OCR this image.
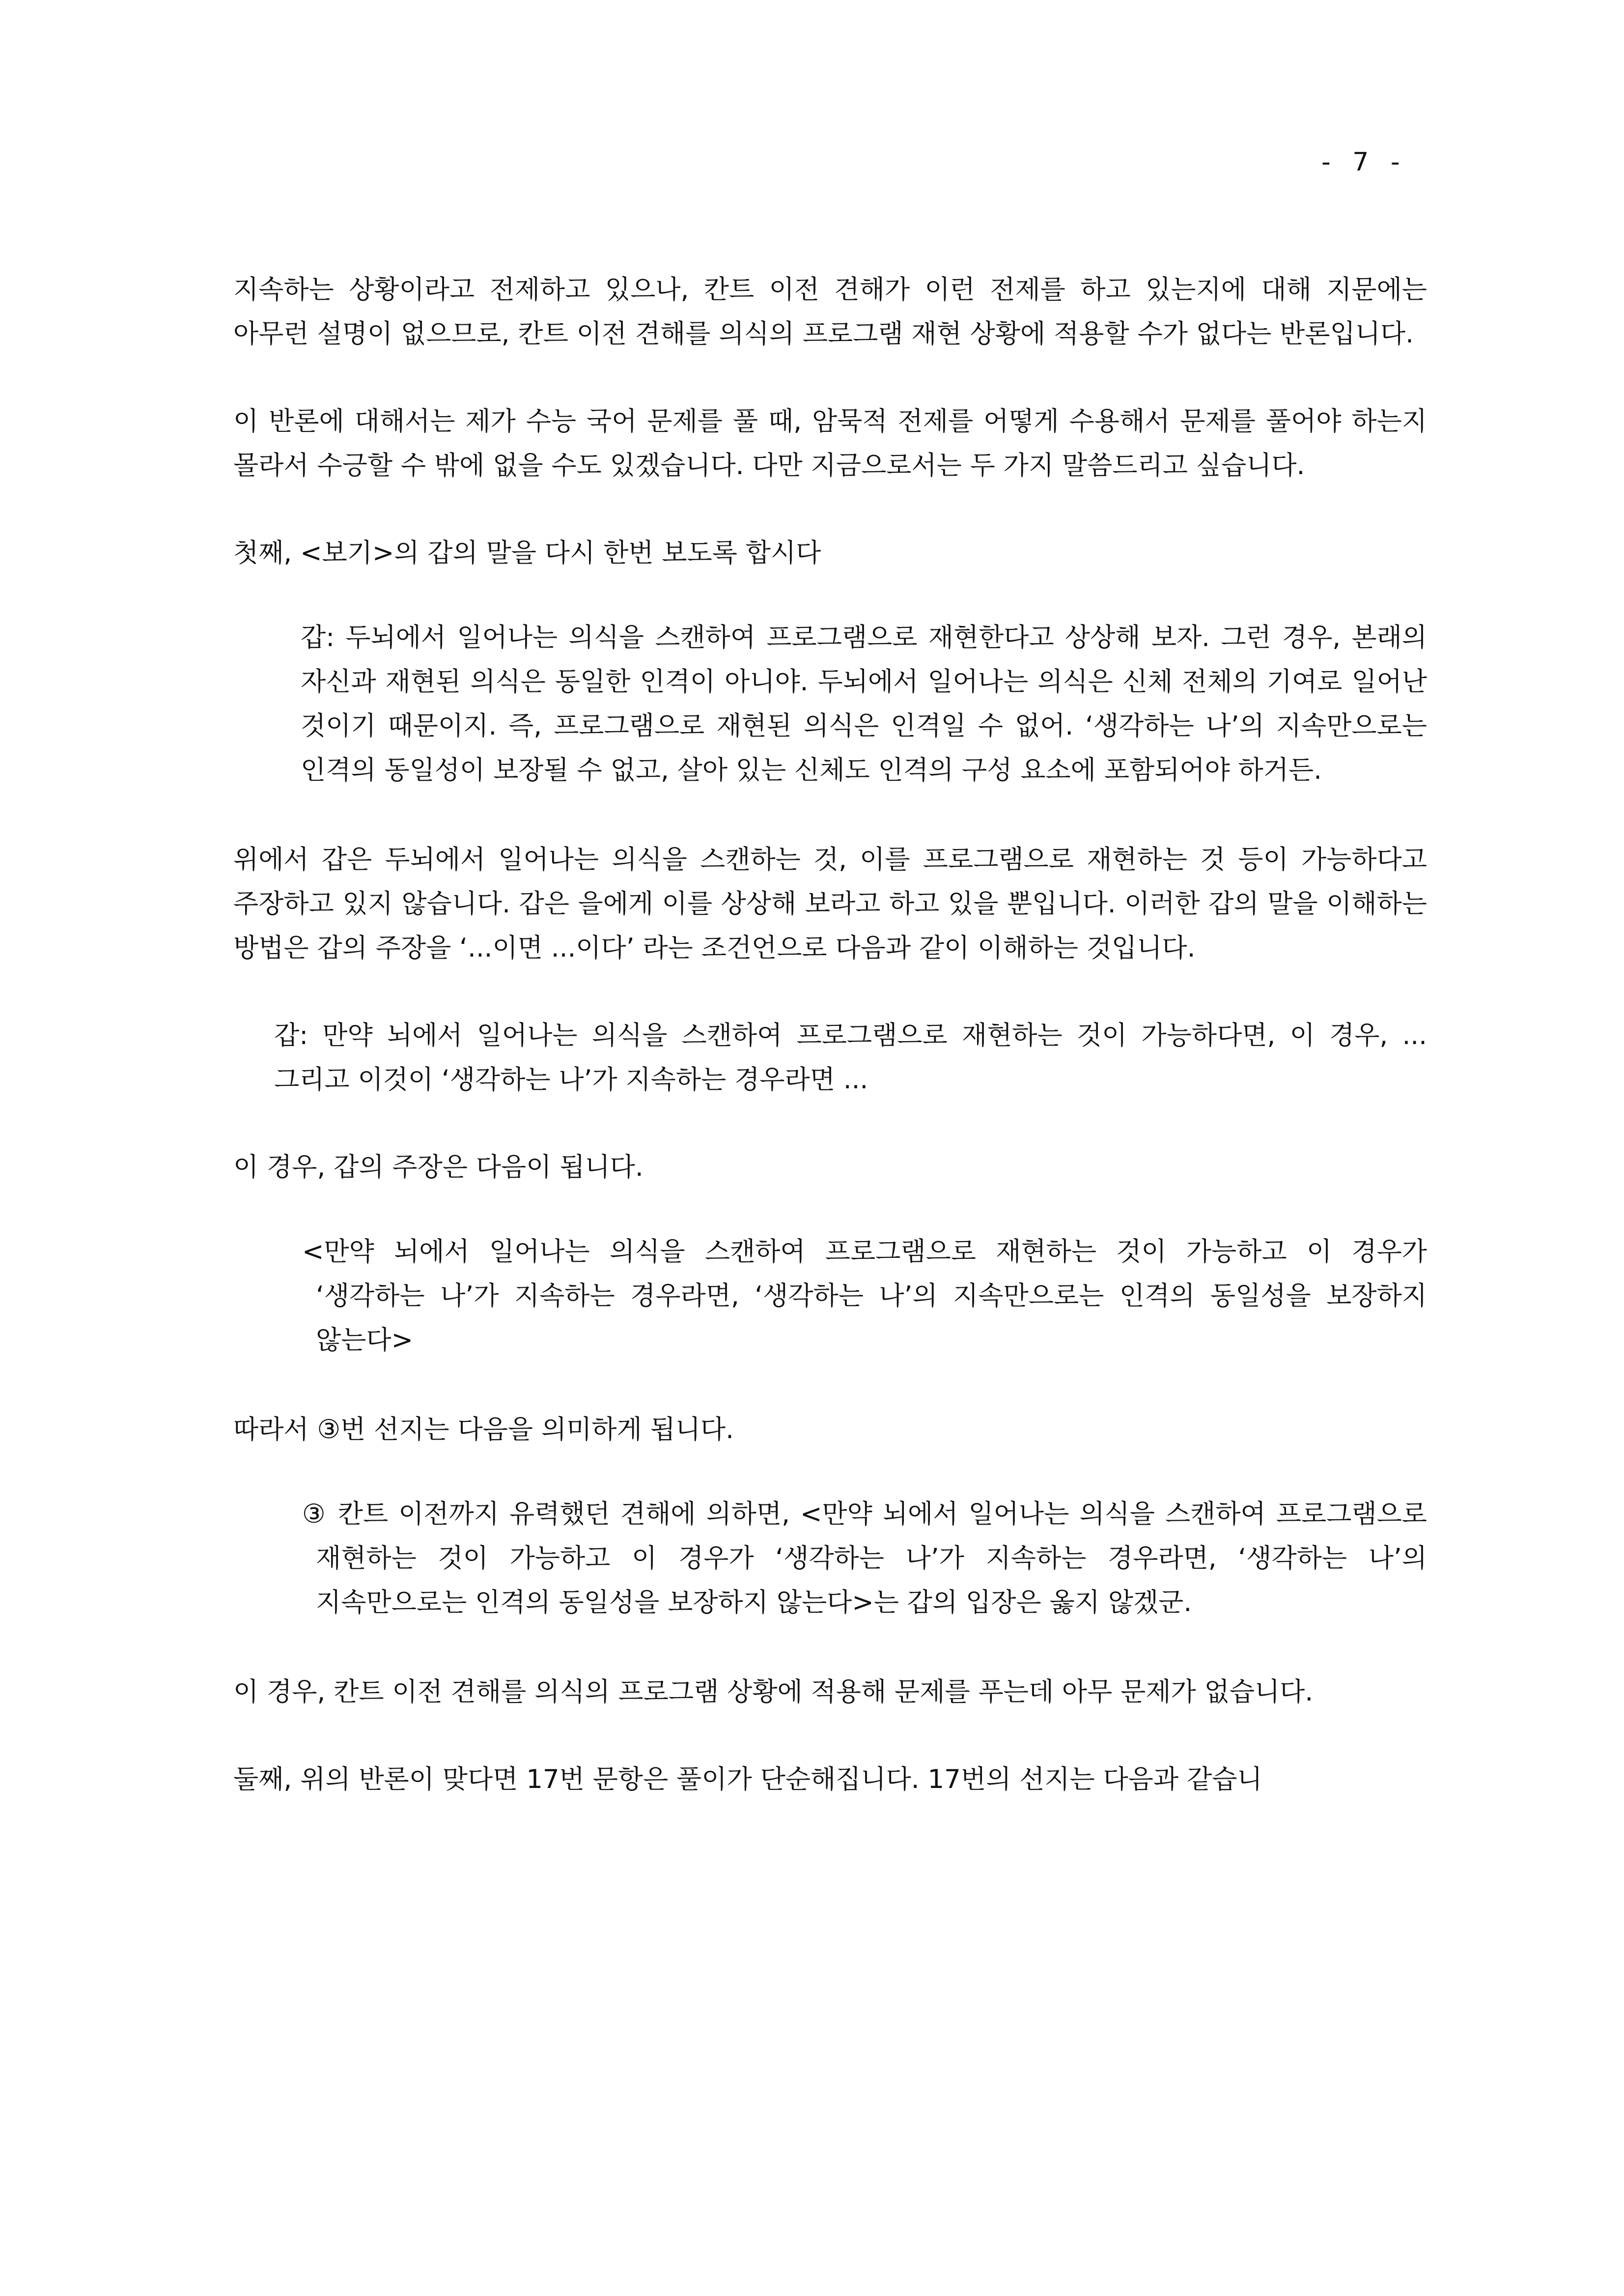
- 7 -

지속하는 상황이라고 전제하고 있으나, 칸트 이전 견해가 이런 전제를 하고 있는지에 대해 지문에는 아무런 설명이 없으므로, 칸트 이전 견해를 의식의 프로그램 재현 상황에 적용할 수가 없다는 반론입니다.

이 반론에 대해서는 제가 수능 국어 문제를 풀 때, 암묵적 전제를 어떻게 수용해서 문제를 풀어야 하는지 몰라서 수긍할 수 밖에 없을 수도 있겠습니다. 다만 지금으로서는 두 가지 말씀드리고 싶습니다.

첫째, <보기>의 갑의 말을 다시 한번 보도록 합시다

갑: 두뇌에서 일어나는 의식을 스캔하여 프로그램으로 재현한다고 상상해 보자. 그런 경우, 본래의 자신과 재현된 의식은 동일한 인격이 아니야. 두뇌에서 일어나는 의식은 신체 전체의 기여로 일어난 것이기 때문이지. 즉, 프로그램으로 재현된 의식은 인격일 수 없어. ‘생각하는 나’의 지속만으로는 인격의 동일성이 보장될 수 없고, 살아 있는 신체도 인격의 구성 요소에 포함되어야 하거든.

위에서 갑은 두뇌에서 일어나는 의식을 스캔하는 것, 이를 프로그램으로 재현하는 것 등이 가능하다고 주장하고 있지 않습니다. 갑은 을에게 이를 상상해 보라고 하고 있을 뿐입니다. 이러한 갑의 말을 이해하는 방법은 갑의 주장을 ‘...이면 ...이다’ 라는 조건언으로 다음과 같이 이해하는 것입니다.

갑: 만약 뇌에서 일어나는 의식을 스캔하여 프로그램으로 재현하는 것이 가능하다면, 이 경우, ... 그리고 이것이 ‘생각하는 나’가 지속하는 경우라면 ...

이 경우, 갑의 주장은 다음이 됩니다.

<만약 뇌에서 일어나는 의식을 스캔하여 프로그램으로 재현하는 것이 가능하고 이 경우가 ‘생각하는 나’가 지속하는 경우라면, ‘생각하는 나’의 지속만으로는 인격의 동일성을 보장하지 않는다>

따라서 ③번 선지는 다음을 의미하게 됩니다.

③ 칸트 이전까지 유력했던 견해에 의하면, <만약 뇌에서 일어나는 의식을 스캔하여 프로그램으로 재현하는 것이 가능하고 이 경우가 ‘생각하는 나’가 지속하는 경우라면, ‘생각하는 나’의 지속만으로는 인격의 동일성을 보장하지 않는다>는 갑의 입장은 옳지 않겠군.

이 경우, 칸트 이전 견해를 의식의 프로그램 상황에 적용해 문제를 푸는데 아무 문제가 없습니다.

둘째, 위의 반론이 맞다면 17번 문항은 풀이가 단순해집니다. 17번의 선지는 다음과 같습니
